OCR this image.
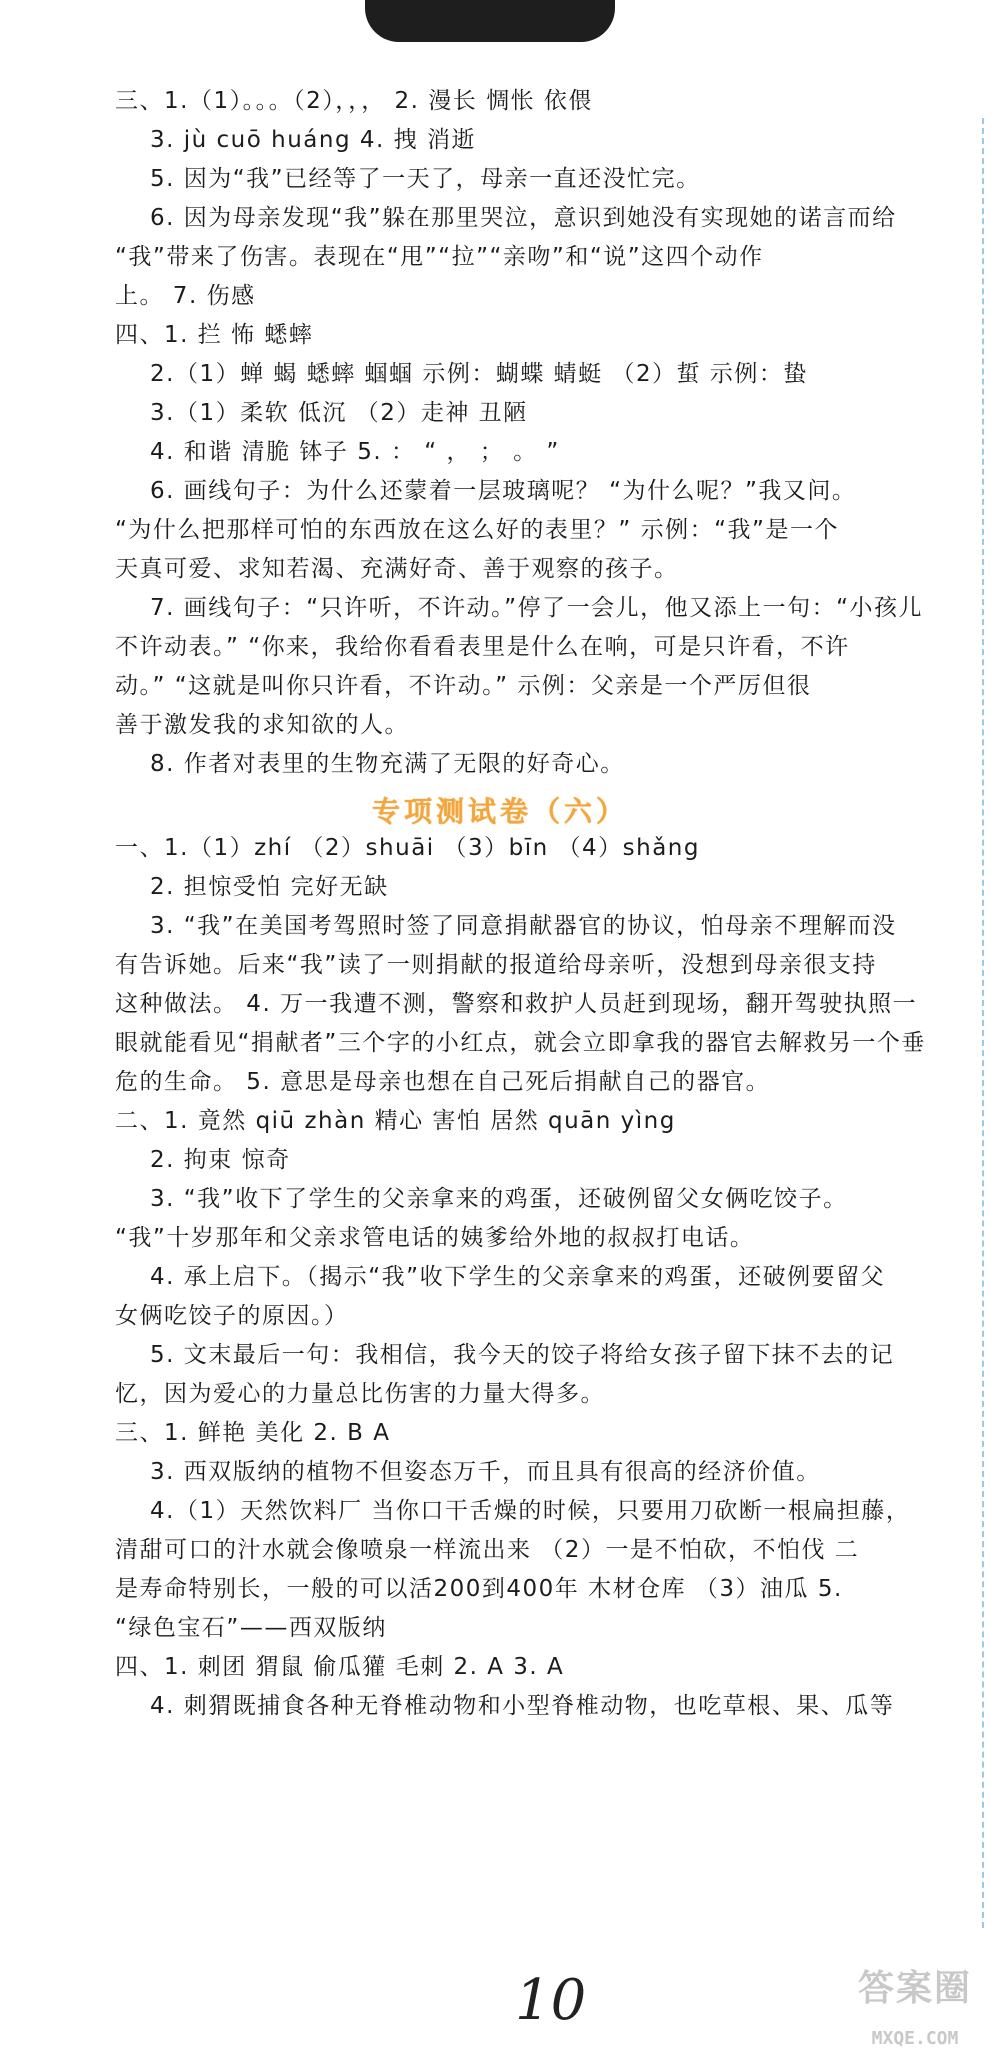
三、1.（1）。。。（2），，， 2. 漫长 惆怅 依偎
3. jù cuō huáng 4. 拽 消逝
5. 因为“我”已经等了一天了，母亲一直还没忙完。
6. 因为母亲发现“我”躲在那里哭泣，意识到她没有实现她的诺言而给
“我”带来了伤害。表现在“甩”“拉”“亲吻”和“说”这四个动作
上。 7. 伤感
四、1. 拦 怖 蟋蟀
2.（1）蝉 蝎 蟋蟀 蝈蝈 示例：蝴蝶 蜻蜓 （2）蜇 示例：蛰
3.（1）柔软 低沉 （2）走神 丑陋
4. 和谐 清脆 钵子 5. ： “ ， ； 。 ”
6. 画线句子：为什么还蒙着一层玻璃呢？ “为什么呢？”我又问。
“为什么把那样可怕的东西放在这么好的表里？” 示例：“我”是一个
天真可爱、求知若渴、充满好奇、善于观察的孩子。
7. 画线句子：“只许听，不许动。”停了一会儿，他又添上一句：“小孩儿
不许动表。” “你来，我给你看看表里是什么在响，可是只许看，不许
动。” “这就是叫你只许看，不许动。” 示例：父亲是一个严厉但很
善于激发我的求知欲的人。
8. 作者对表里的生物充满了无限的好奇心。
专项测试卷（六）
一、1.（1）zhí （2）shuāi （3）bīn （4）shǎng
2. 担惊受怕 完好无缺
3. “我”在美国考驾照时签了同意捐献器官的协议，怕母亲不理解而没
有告诉她。后来“我”读了一则捐献的报道给母亲听，没想到母亲很支持
这种做法。 4. 万一我遭不测，警察和救护人员赶到现场，翻开驾驶执照一
眼就能看见“捐献者”三个字的小红点，就会立即拿我的器官去解救另一个垂
危的生命。 5. 意思是母亲也想在自己死后捐献自己的器官。
二、1. 竟然 qiū zhàn 精心 害怕 居然 quān yìng
2. 拘束 惊奇
3. “我”收下了学生的父亲拿来的鸡蛋，还破例留父女俩吃饺子。
“我”十岁那年和父亲求管电话的姨爹给外地的叔叔打电话。
4. 承上启下。（揭示“我”收下学生的父亲拿来的鸡蛋，还破例要留父
女俩吃饺子的原因。）
5. 文末最后一句：我相信，我今天的饺子将给女孩子留下抹不去的记
忆，因为爱心的力量总比伤害的力量大得多。
三、1. 鲜艳 美化 2. B A
3. 西双版纳的植物不但姿态万千，而且具有很高的经济价值。
4.（1）天然饮料厂 当你口干舌燥的时候，只要用刀砍断一根扁担藤，
清甜可口的汁水就会像喷泉一样流出来 （2）一是不怕砍，不怕伐 二
是寿命特别长，一般的可以活200到400年 木材仓库 （3）油瓜 5.
“绿色宝石”——西双版纳
四、1. 刺团 猬鼠 偷瓜獾 毛刺 2. A 3. A
4. 刺猬既捕食各种无脊椎动物和小型脊椎动物，也吃草根、果、瓜等
10	答案圈
MXQE.COM
